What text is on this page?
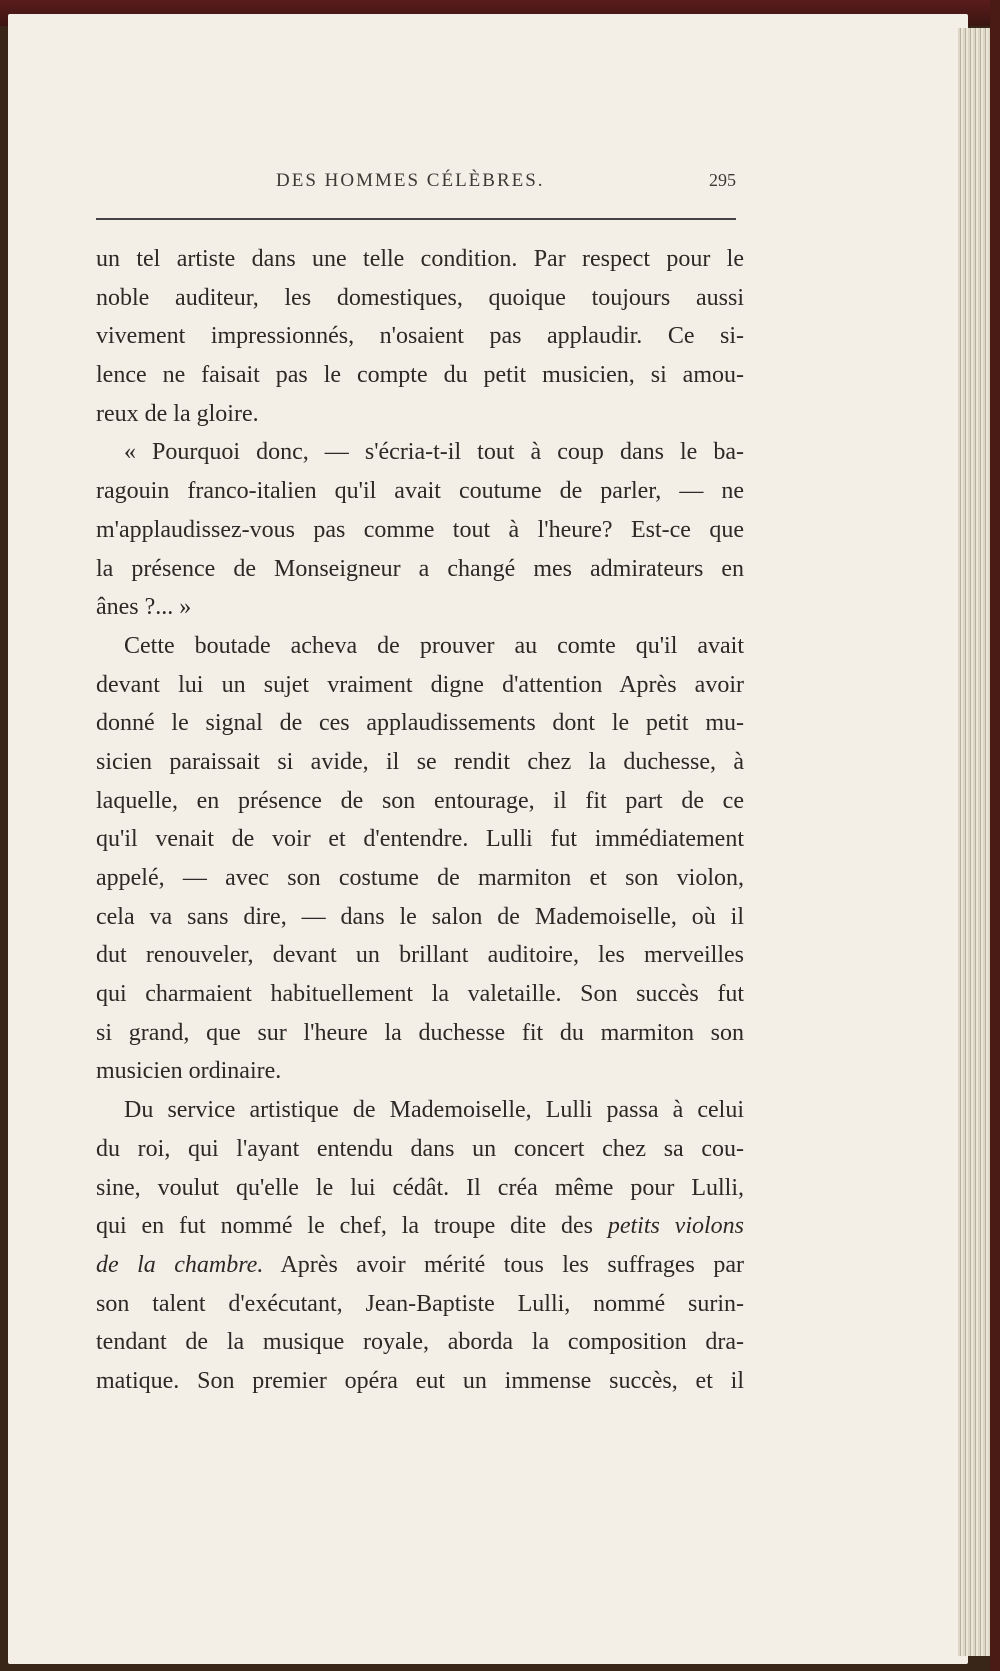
DES HOMMES CÉLÈBRES.	295
un tel artiste dans une telle condition. Par respect pour le
noble auditeur, les domestiques, quoique toujours aussi
vivement impressionnés, n'osaient pas applaudir. Ce si-
lence ne faisait pas le compte du petit musicien, si amou-
reux de la gloire.
« Pourquoi donc, — s'écria-t-il tout à coup dans le ba-
ragouin franco-italien qu'il avait coutume de parler, — ne
m'applaudissez-vous pas comme tout à l'heure? Est-ce que
la présence de Monseigneur a changé mes admirateurs en
ânes ?... »
Cette boutade acheva de prouver au comte qu'il avait
devant lui un sujet vraiment digne d'attention Après avoir
donné le signal de ces applaudissements dont le petit mu-
sicien paraissait si avide, il se rendit chez la duchesse, à
laquelle, en présence de son entourage, il fit part de ce
qu'il venait de voir et d'entendre. Lulli fut immédiatement
appelé, — avec son costume de marmiton et son violon,
cela va sans dire, — dans le salon de Mademoiselle, où il
dut renouveler, devant un brillant auditoire, les merveilles
qui charmaient habituellement la valetaille. Son succès fut
si grand, que sur l'heure la duchesse fit du marmiton son
musicien ordinaire.
Du service artistique de Mademoiselle, Lulli passa à celui
du roi, qui l'ayant entendu dans un concert chez sa cou-
sine, voulut qu'elle le lui cédât. Il créa même pour Lulli,
qui en fut nommé le chef, la troupe dite des petits violons
de la chambre. Après avoir mérité tous les suffrages par
son talent d'exécutant, Jean-Baptiste Lulli, nommé surin-
tendant de la musique royale, aborda la composition dra-
matique. Son premier opéra eut un immense succès, et il
